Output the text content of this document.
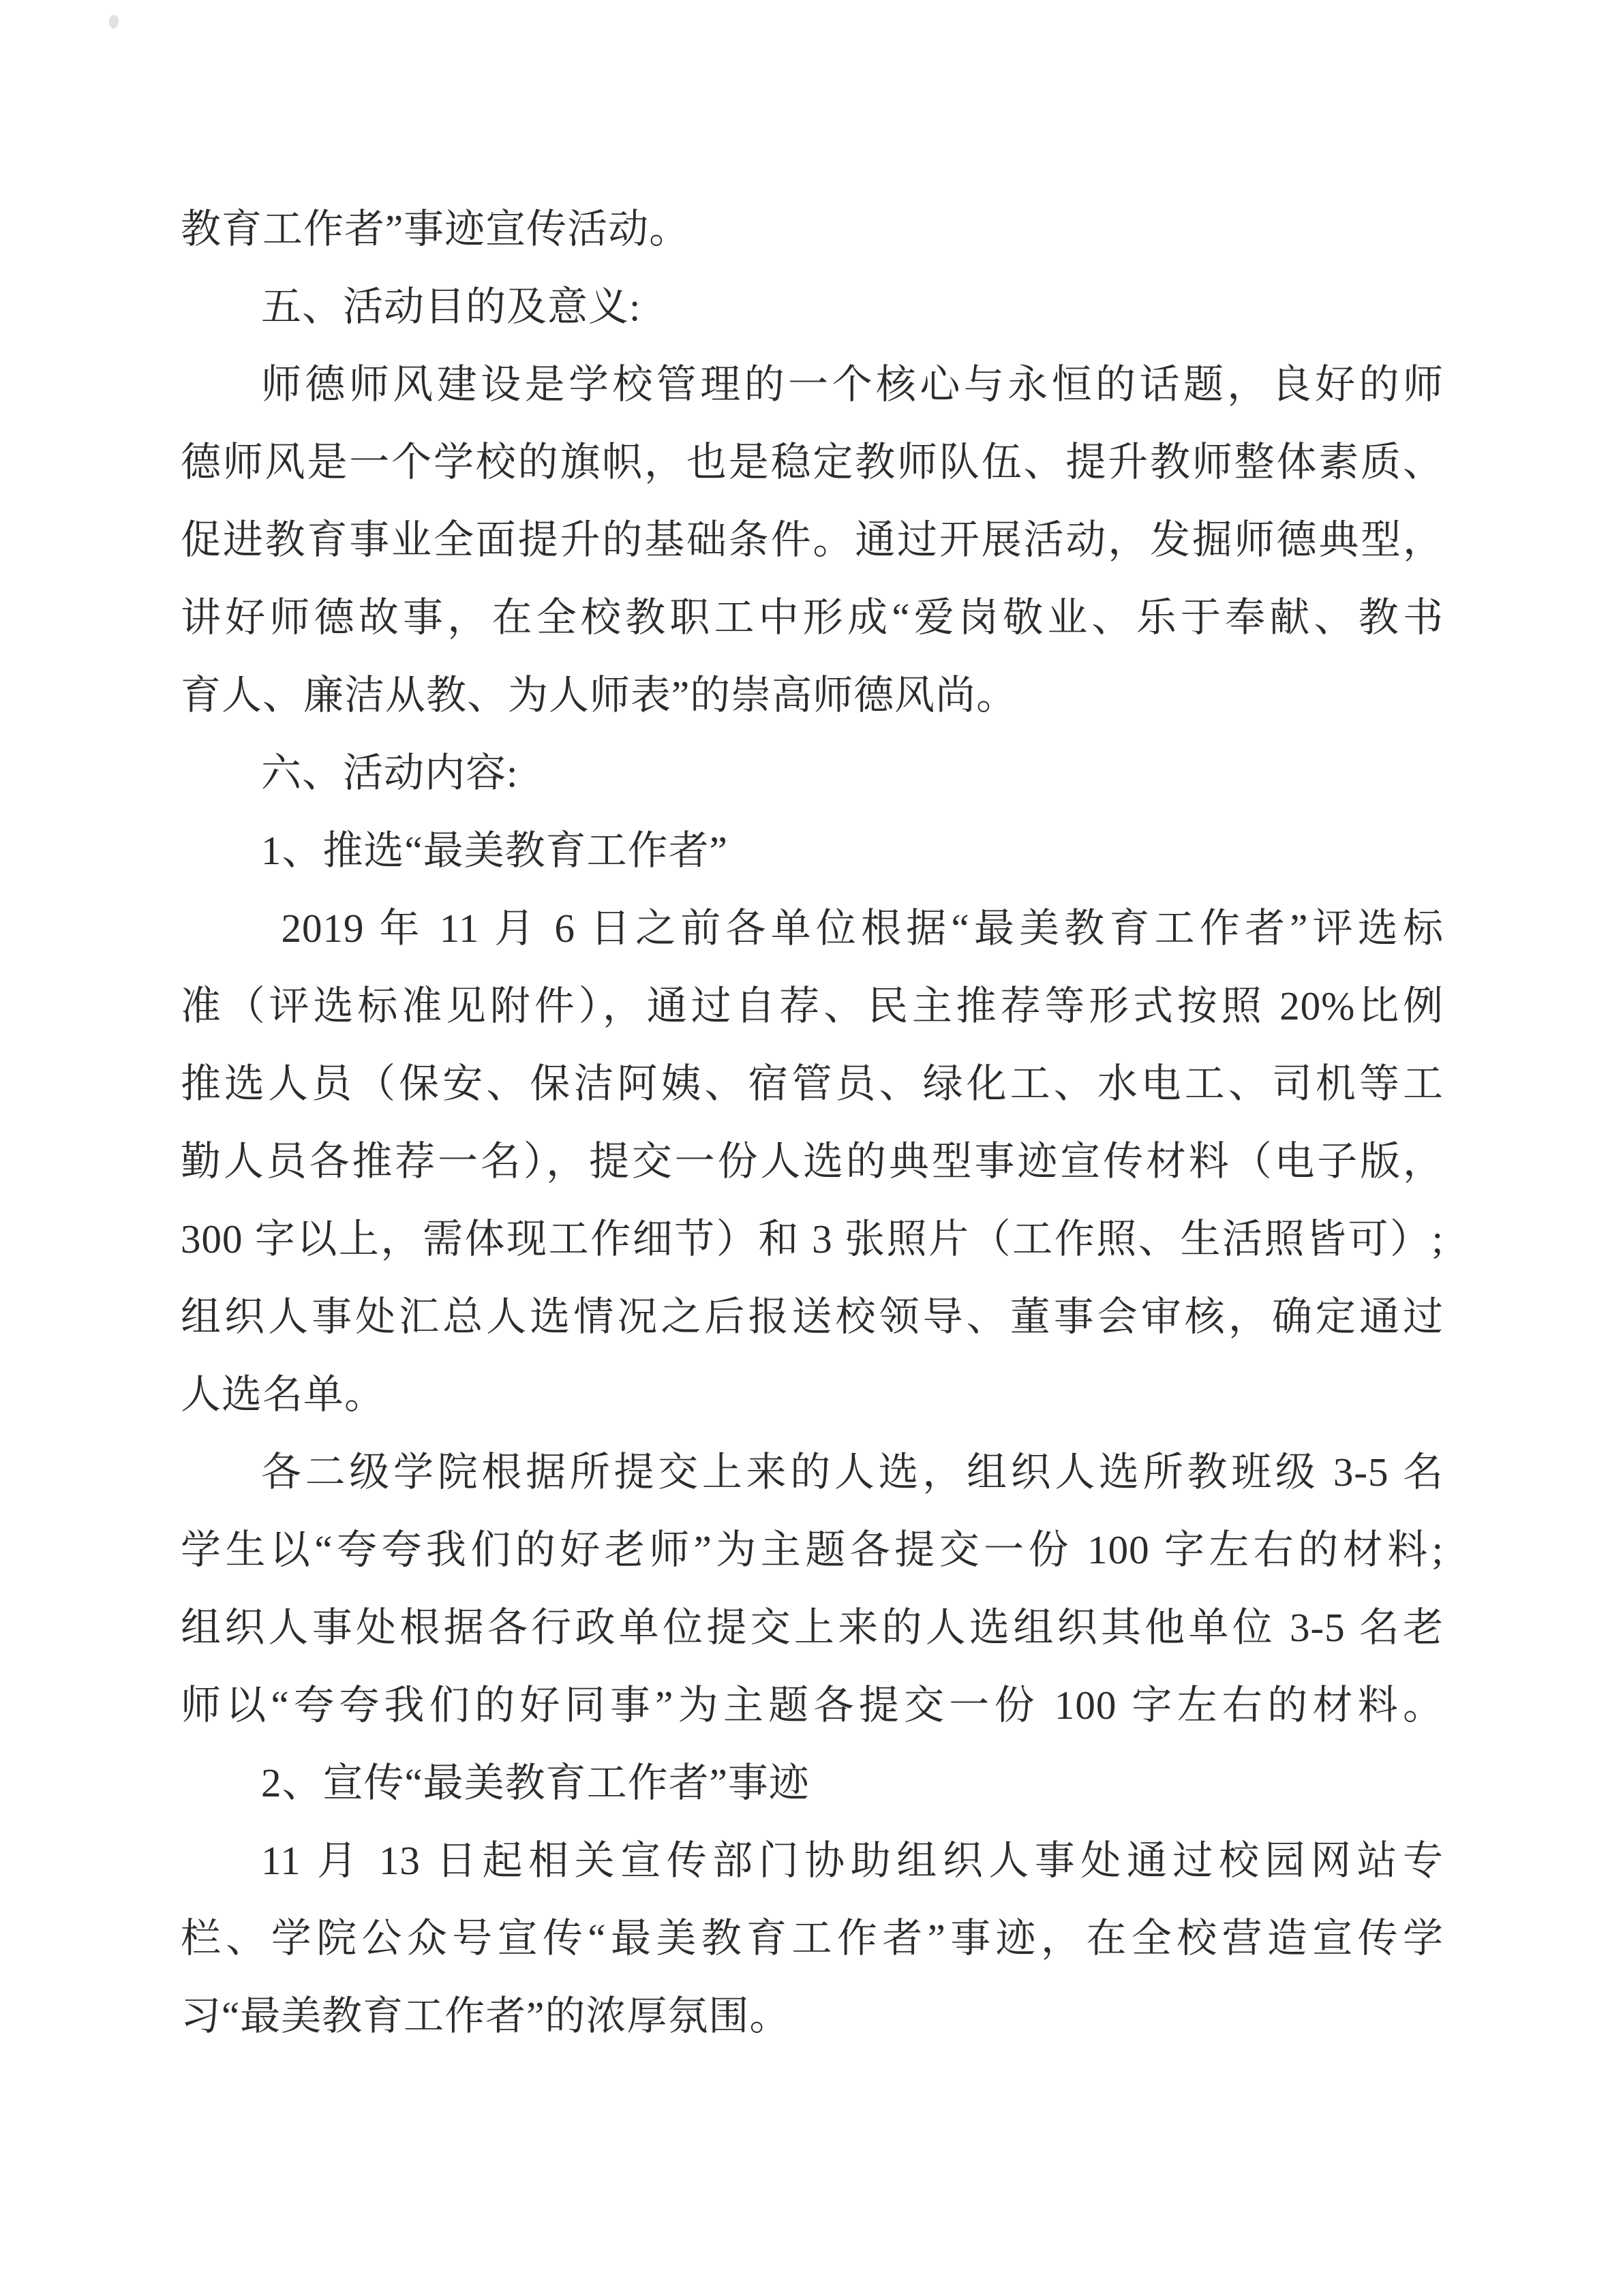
教育工作者”事迹宣传活动。
五、活动目的及意义:
师德师风建设是学校管理的一个核心与永恒的话题，良好的师
德师风是一个学校的旗帜，也是稳定教师队伍、提升教师整体素质、
促进教育事业全面提升的基础条件。通过开展活动，发掘师德典型，
讲好师德故事，在全校教职工中形成“爱岗敬业、乐于奉献、教书
育人、廉洁从教、为人师表”的崇高师德风尚。
六、活动内容:
1、推选“最美教育工作者”
2019 年 11 月 6 日之前各单位根据“最美教育工作者”评选标
准（评选标准见附件），通过自荐、民主推荐等形式按照 20%比例
推选人员（保安、保洁阿姨、宿管员、绿化工、水电工、司机等工
勤人员各推荐一名），提交一份人选的典型事迹宣传材料（电子版，
300 字以上，需体现工作细节）和 3 张照片（工作照、生活照皆可）;
组织人事处汇总人选情况之后报送校领导、董事会审核，确定通过
人选名单。
各二级学院根据所提交上来的人选，组织人选所教班级 3-5 名
学生以“夸夸我们的好老师”为主题各提交一份 100 字左右的材料;
组织人事处根据各行政单位提交上来的人选组织其他单位 3-5 名老
师以“夸夸我们的好同事”为主题各提交一份 100 字左右的材料。
2、宣传“最美教育工作者”事迹
11 月 13 日起相关宣传部门协助组织人事处通过校园网站专
栏、学院公众号宣传“最美教育工作者”事迹，在全校营造宣传学
习“最美教育工作者”的浓厚氛围。
